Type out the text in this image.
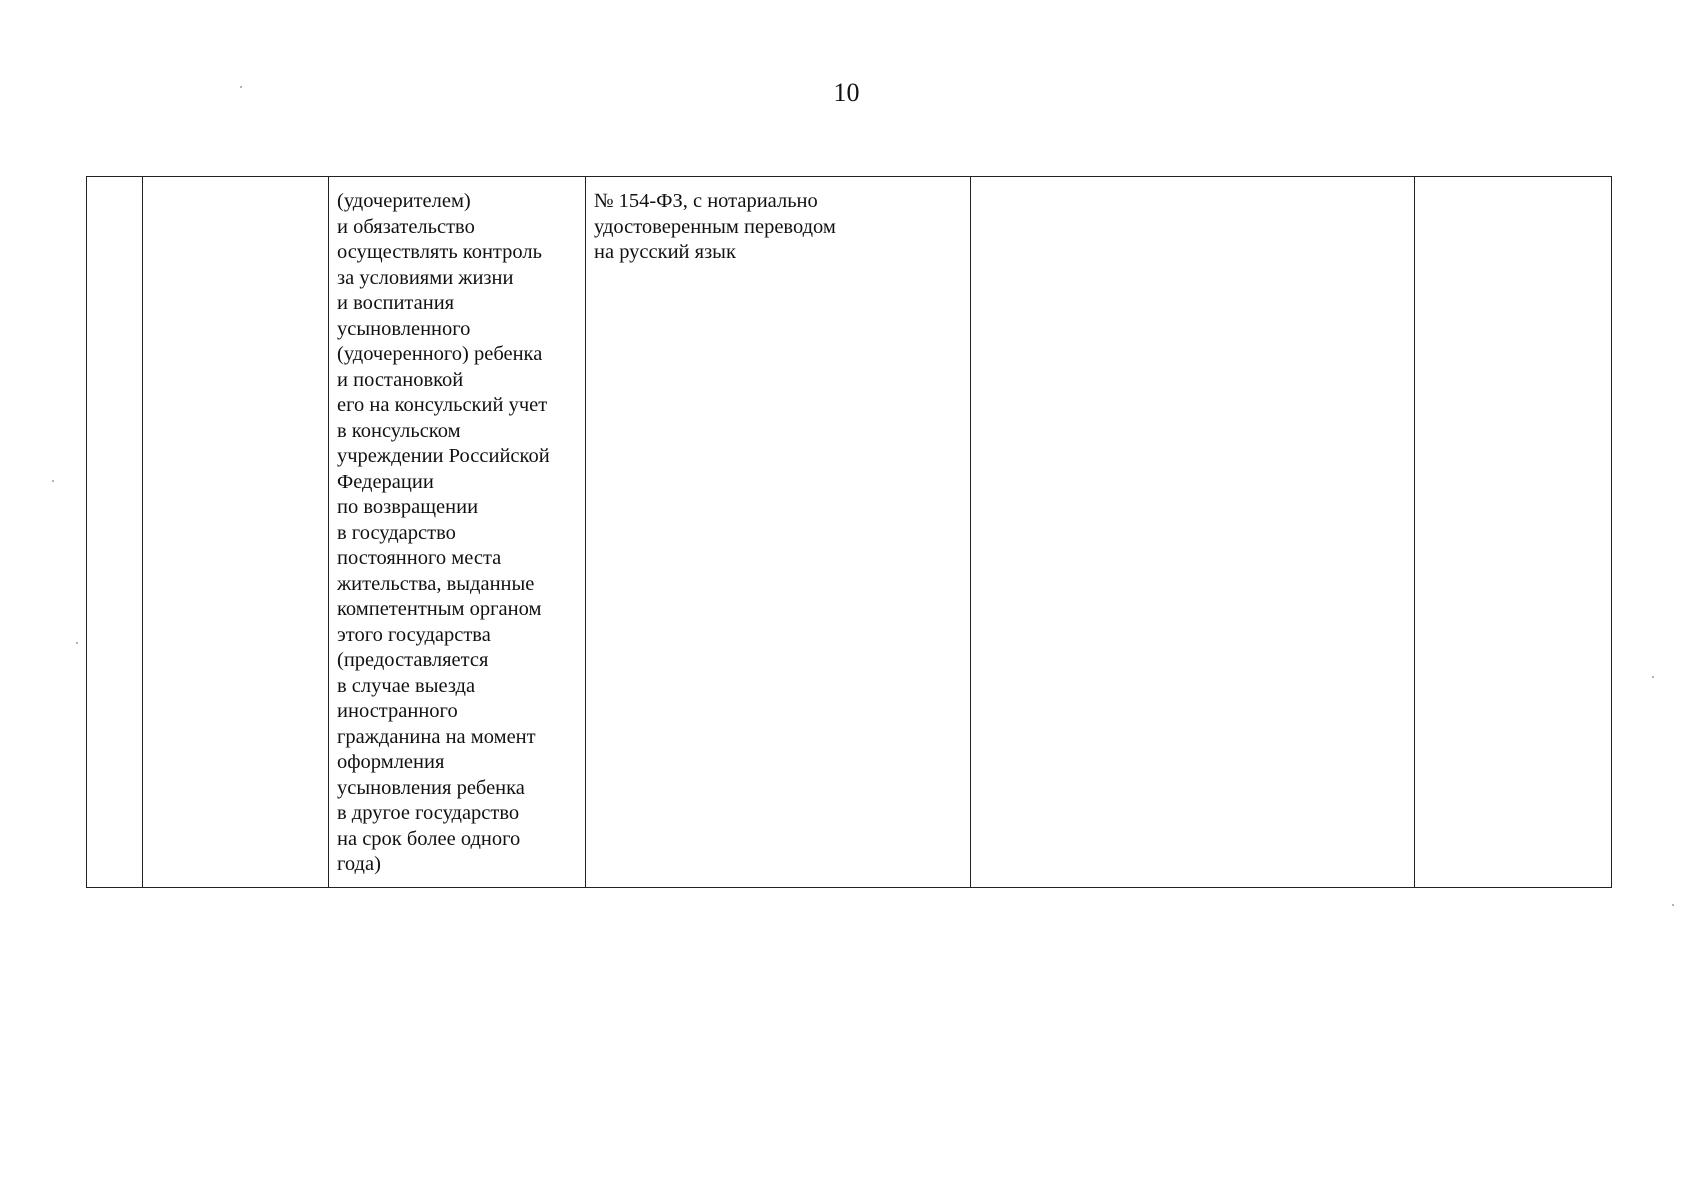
10
		(удочерителем)
и обязательство
осуществлять контроль
за условиями жизни
и воспитания
усыновленного
(удочеренного) ребенка
и постановкой
его на консульский учет
в консульском
учреждении Российской
Федерации
по возвращении
в государство
постоянного места
жительства, выданные
компетентным органом
этого государства
(предоставляется
в случае выезда
иностранного
гражданина на момент
оформления
усыновления ребенка
в другое государство
на срок более одного
года)	№ 154-ФЗ, с нотариально
удостоверенным переводом
на русский язык		
